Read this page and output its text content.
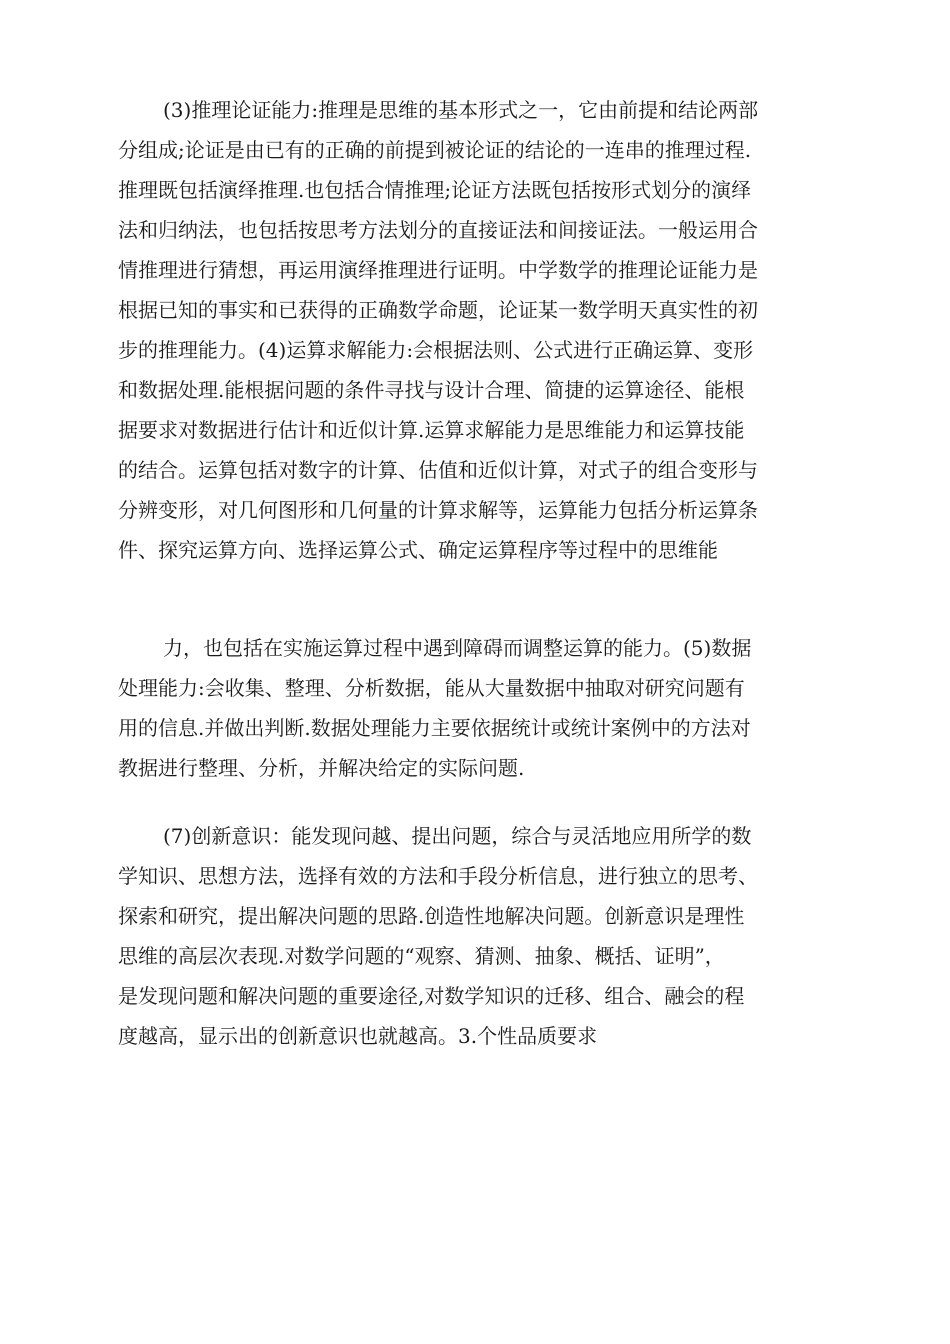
(3)推理论证能力:推理是思维的基本形式之一，它由前提和结论两部
分组成;论证是由已有的正确的前提到被论证的结论的一连串的推理过程.
推理既包括演绎推理.也包括合情推理;论证方法既包括按形式划分的演绎
法和归纳法，也包括按思考方法划分的直接证法和间接证法。一般运用合
情推理进行猜想，再运用演绎推理进行证明。中学数学的推理论证能力是
根据已知的事实和已获得的正确数学命题，论证某一数学明天真实性的初
步的推理能力。(4)运算求解能力:会根据法则、公式进行正确运算、变形
和数据处理.能根据问题的条件寻找与设计合理、简捷的运算途径、能根
据要求对数据进行估计和近似计算.运算求解能力是思维能力和运算技能
的结合。运算包括对数字的计算、估值和近似计算，对式子的组合变形与
分辨变形，对几何图形和几何量的计算求解等，运算能力包括分析运算条
件、探究运算方向、选择运算公式、确定运算程序等过程中的思维能
力，也包括在实施运算过程中遇到障碍而调整运算的能力。(5)数据
处理能力:会收集、整理、分析数据，能从大量数据中抽取对研究问题有
用的信息.并做出判断.数据处理能力主要依据统计或统计案例中的方法对
教据进行整理、分析，并解决给定的实际问题.
(7)创新意识：能发现问越、提出问题，综合与灵活地应用所学的数
学知识、思想方法，选择有效的方法和手段分析信息，进行独立的思考、
探索和研究，提出解决问题的思路.创造性地解决问题。创新意识是理性
思维的高层次表现.对数学问题的“观察、猜测、抽象、概括、证明”，
是发现问题和解决问题的重要途径,对数学知识的迁移、组合、融会的程
度越高，显示出的创新意识也就越高。3.个性品质要求
